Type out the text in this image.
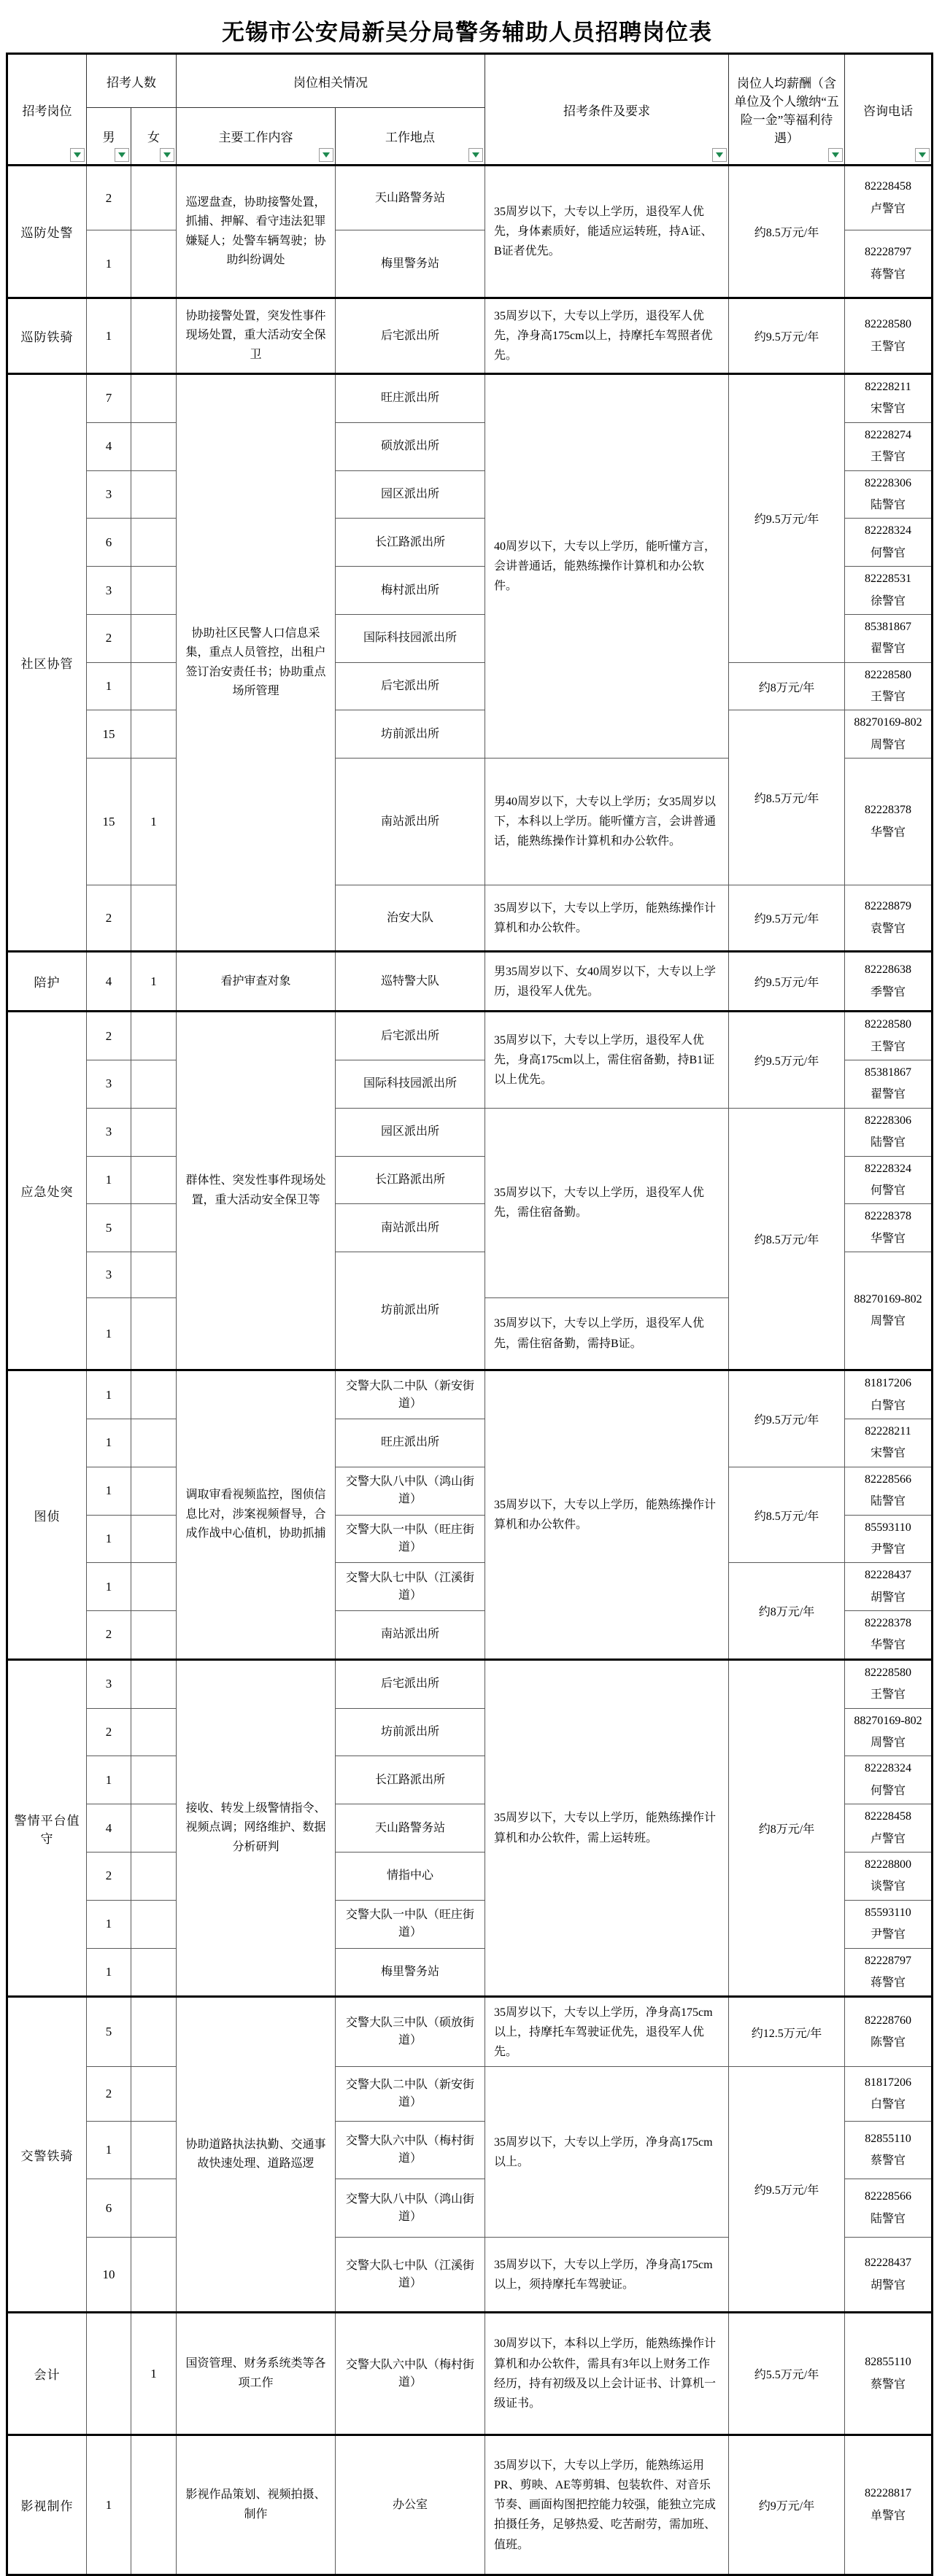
无锡市公安局新吴分局警务辅助人员招聘岗位表
招考岗位	招考人数		岗位相关情况		招考条件及要求	岗位人均薪酬（含单位及个人缴纳“五险一金”等福利待遇）	咨询电话

	男	女	主要工作内容	工作地点			

巡防处警	2		巡逻盘查，协助接警处置，抓捕、押解、看守违法犯罪嫌疑人；处警车辆驾驶；协助纠纷调处	天山路警务站	35周岁以下，大专以上学历，退役军人优先，身体素质好，能适应运转班，持A证、B证者优先。	约8.5万元/年	82228458
卢警官

	1			梅里警务站			82228797
蒋警官

巡防铁骑	1		协助接警处置，突发性事件现场处置，重大活动安全保卫	后宅派出所	35周岁以下，大专以上学历，退役军人优先，净身高175cm以上，持摩托车驾照者优先。	约9.5万元/年	82228580
王警官

社区协管	7		协助社区民警人口信息采集，重点人员管控，出租户签订治安责任书；协助重点场所管理	旺庄派出所	40周岁以下，大专以上学历，能听懂方言，会讲普通话，能熟练操作计算机和办公软件。	约9.5万元/年	82228211
宋警官

	4			硕放派出所			82228274
王警官

	3			园区派出所			82228306
陆警官

	6			长江路派出所			82228324
何警官

	3			梅村派出所			82228531
徐警官

	2			国际科技园派出所			85381867
翟警官

	1			后宅派出所		约8万元/年	82228580
王警官

	15			坊前派出所		约8.5万元/年	88270169-802
周警官

	15	1		南站派出所	男40周岁以下，大专以上学历；女35周岁以下，本科以上学历。能听懂方言，会讲普通话，能熟练操作计算机和办公软件。		82228378
华警官

	2			治安大队	35周岁以下，大专以上学历，能熟练操作计算机和办公软件。	约9.5万元/年	82228879
袁警官

陪护	4	1	看护审查对象	巡特警大队	男35周岁以下、女40周岁以下，大专以上学历，退役军人优先。	约9.5万元/年	82228638
季警官

应急处突	2		群体性、突发性事件现场处置，重大活动安全保卫等	后宅派出所	35周岁以下，大专以上学历，退役军人优先，身高175cm以上，需住宿备勤，持B1证以上优先。	约9.5万元/年	82228580
王警官

	3			国际科技园派出所			85381867
翟警官

	3			园区派出所	35周岁以下，大专以上学历，退役军人优先，需住宿备勤。	约8.5万元/年	82228306
陆警官

	1			长江路派出所			82228324
何警官

	5			南站派出所			82228378
华警官

	3			坊前派出所			88270169-802
周警官

	1				35周岁以下，大专以上学历，退役军人优先，需住宿备勤，需持B证。		
图侦	1		调取审看视频监控，图侦信息比对，涉案视频督导，合成作战中心值机，协助抓捕	交警大队二中队（新安街道）	35周岁以下，大专以上学历，能熟练操作计算机和办公软件。	约9.5万元/年	81817206
白警官

	1			旺庄派出所			82228211
宋警官

	1			交警大队八中队（鸿山街道）		约8.5万元/年	82228566
陆警官

	1			交警大队一中队（旺庄街道）			85593110
尹警官

	1			交警大队七中队（江溪街道）		约8万元/年	82228437
胡警官

	2			南站派出所			82228378
华警官

警情平台值守	3		接收、转发上级警情指令、视频点调；网络维护、数据分析研判	后宅派出所	35周岁以下，大专以上学历，能熟练操作计算机和办公软件，需上运转班。	约8万元/年	82228580
王警官

	2			坊前派出所			88270169-802
周警官

	1			长江路派出所			82228324
何警官

	4			天山路警务站			82228458
卢警官

	2			情指中心			82228800
谈警官

	1			交警大队一中队（旺庄街道）			85593110
尹警官

	1			梅里警务站			82228797
蒋警官

交警铁骑	5		协助道路执法执勤、交通事故快速处理、道路巡逻	交警大队三中队（硕放街道）	35周岁以下，大专以上学历，净身高175cm以上，持摩托车驾驶证优先，退役军人优先。	约12.5万元/年	82228760
陈警官

	2			交警大队二中队（新安街道）	35周岁以下，大专以上学历，净身高175cm以上。	约9.5万元/年	81817206
白警官

	1			交警大队六中队（梅村街道）			82855110
蔡警官

	6			交警大队八中队（鸿山街道）			82228566
陆警官

	10			交警大队七中队（江溪街道）	35周岁以下，大专以上学历，净身高175cm以上，须持摩托车驾驶证。		82228437
胡警官

会计		1	国资管理、财务系统类等各项工作	交警大队六中队（梅村街道）	30周岁以下，本科以上学历，能熟练操作计算机和办公软件，需具有3年以上财务工作经历，持有初级及以上会计证书、计算机一级证书。	约5.5万元/年	82855110
蔡警官

影视制作	1		影视作品策划、视频拍摄、制作	办公室	35周岁以下，大专以上学历，能熟练运用PR、剪映、AE等剪辑、包装软件、对音乐节奏、画面构图把控能力较强，能独立完成拍摄任务，足够热爱、吃苦耐劳，需加班、值班。	约9万元/年	82228817
单警官
